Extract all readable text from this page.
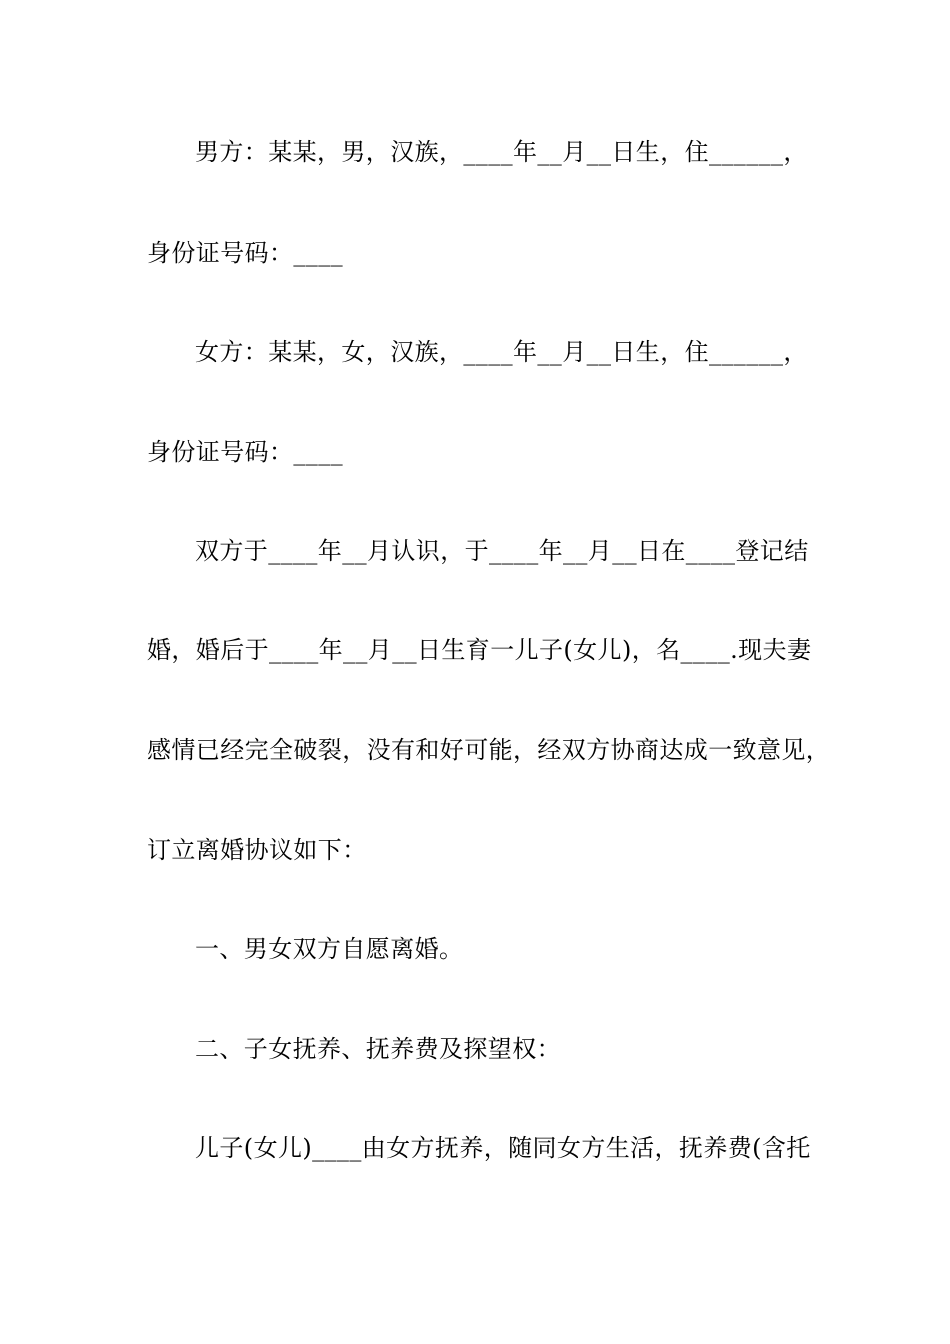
男方：某某，男，汉族，____年__月__日生，住______，
身份证号码：____
女方：某某，女，汉族，____年__月__日生，住______，
身份证号码：____
双方于____年__月认识，于____年__月__日在____登记结
婚，婚后于____年__月__日生育一儿子(女儿)，名____.现夫妻
感情已经完全破裂，没有和好可能，经双方协商达成一致意见，
订立离婚协议如下：
一、男女双方自愿离婚。
二、子女抚养、抚养费及探望权：
儿子(女儿)____由女方抚养，随同女方生活，抚养费(含托
